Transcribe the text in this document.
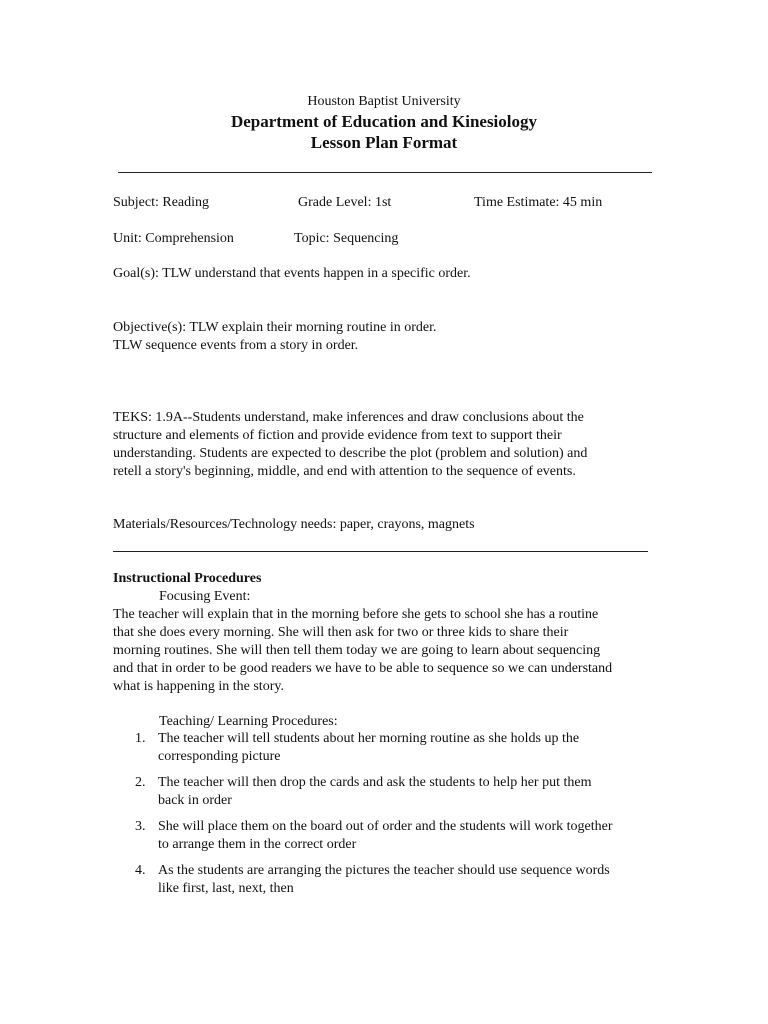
Houston Baptist University
Department of Education and Kinesiology
Lesson Plan Format
Subject: Reading	Grade Level: 1st	Time Estimate: 45 min
Unit: Comprehension	Topic: Sequencing
Goal(s): TLW understand that events happen in a specific order.
Objective(s): TLW explain their morning routine in order.
TLW sequence events from a story in order.
TEKS: 1.9A--Students understand, make inferences and draw conclusions about the
structure and elements of fiction and provide evidence from text to support their
understanding. Students are expected to describe the plot (problem and solution) and
retell a story's beginning, middle, and end with attention to the sequence of events.
Materials/Resources/Technology needs: paper, crayons, magnets
Instructional Procedures
Focusing Event:
The teacher will explain that in the morning before she gets to school she has a routine
that she does every morning. She will then ask for two or three kids to share their
morning routines. She will then tell them today we are going to learn about sequencing
and that in order to be good readers we have to be able to sequence so we can understand
what is happening in the story.
Teaching/ Learning Procedures:
1. The teacher will tell students about her morning routine as she holds up the
corresponding picture
2. The teacher will then drop the cards and ask the students to help her put them
back in order
3. She will place them on the board out of order and the students will work together
to arrange them in the correct order
4. As the students are arranging the pictures the teacher should use sequence words
like first, last, next, then
